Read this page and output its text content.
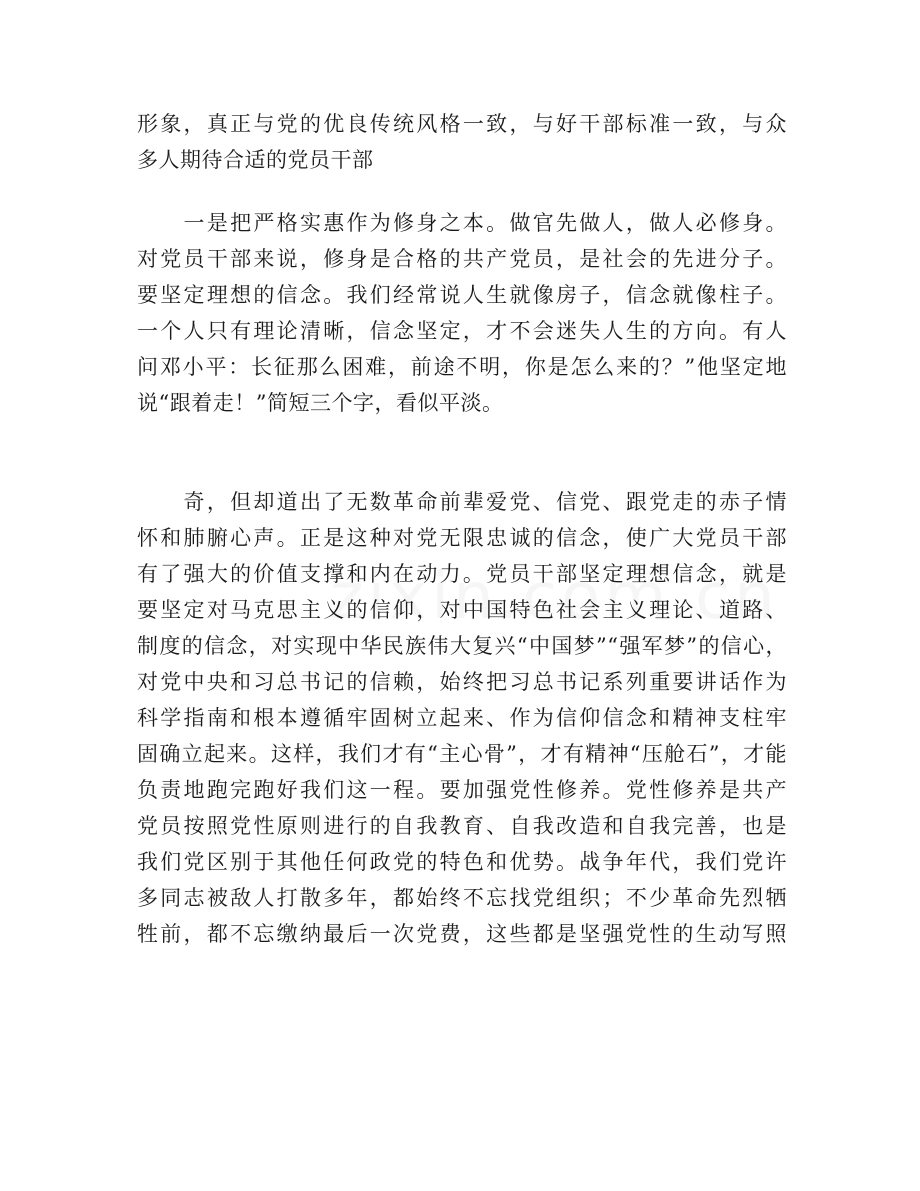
形象，真正与党的优良传统风格一致，与好干部标准一致，与众
多人期待合适的党员干部
　　一是把严格实惠作为修身之本。做官先做人，做人必修身。
对党员干部来说，修身是合格的共产党员，是社会的先进分子。
要坚定理想的信念。我们经常说人生就像房子，信念就像柱子。
一个人只有理论清晰，信念坚定，才不会迷失人生的方向。有人
问邓小平：长征那么困难，前途不明，你是怎么来的？”他坚定地
说“跟着走！”简短三个字，看似平淡。
　　奇，但却道出了无数革命前辈爱党、信党、跟党走的赤子情
怀和肺腑心声。正是这种对党无限忠诚的信念，使广大党员干部
有了强大的价值支撑和内在动力。党员干部坚定理想信念，就是
要坚定对马克思主义的信仰，对中国特色社会主义理论、道路、
制度的信念，对实现中华民族伟大复兴“中国梦”“强军梦”的信心，
对党中央和习总书记的信赖，始终把习总书记系列重要讲话作为
科学指南和根本遵循牢固树立起来、作为信仰信念和精神支柱牢
固确立起来。这样，我们才有“主心骨”，才有精神“压舱石”，才能
负责地跑完跑好我们这一程。要加强党性修养。党性修养是共产
党员按照党性原则进行的自我教育、自我改造和自我完善，也是
我们党区别于其他任何政党的特色和优势。战争年代，我们党许
多同志被敌人打散多年，都始终不忘找党组织；不少革命先烈牺
牲前，都不忘缴纳最后一次党费，这些都是坚强党性的生动写照
